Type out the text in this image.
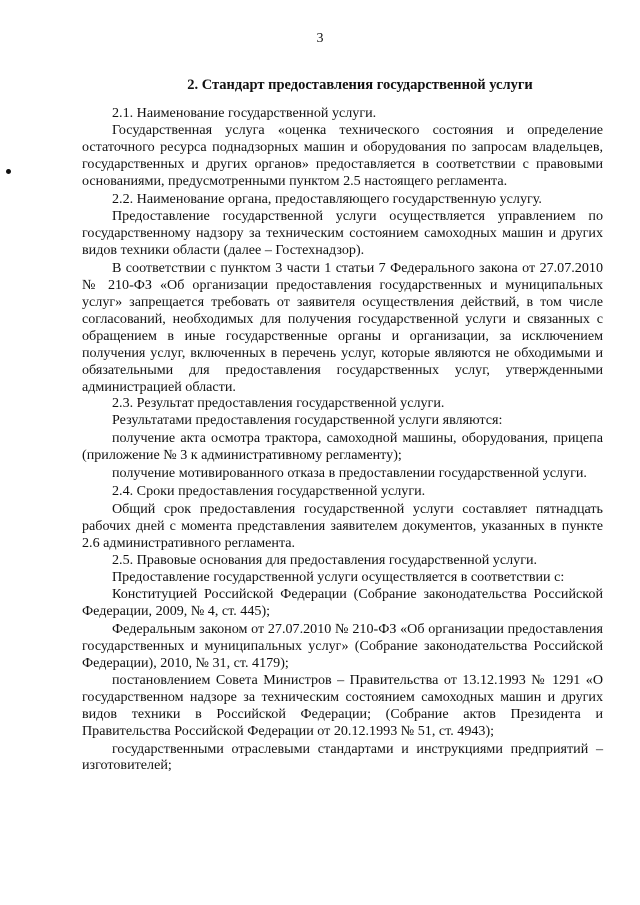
3
2. Стандарт предоставления государственной услуги

2.1. Наименование государственной услуги.

Государственная услуга «оценка технического состояния и определение остаточного ресурса поднадзорных машин и оборудования по запросам владельцев, государственных и других органов» предоставляется в соответствии с правовыми основаниями, предусмотренными пунктом 2.5 настоящего регламента.

2.2. Наименование органа, предоставляющего государственную услугу.

Предоставление государственной услуги осуществляется управлением по государственному надзору за техническим состоянием самоходных машин и других видов техники области (далее – Гостехнадзор).

В соответствии с пунктом 3 части 1 статьи 7 Федерального закона от 27.07.2010 № 210-ФЗ «Об организации предоставления государственных и муниципальных услуг» запрещается требовать от заявителя осуществления действий, в том числе согласований, необходимых для получения государственной услуги и связанных с обращением в иные государственные органы и организации, за исключением получения услуг, включенных в перечень услуг, которые являются не обходимыми и обязательными для предоставления государственных услуг, утвержденными администрацией области.

2.3. Результат предоставления государственной услуги.

Результатами предоставления государственной услуги являются:

получение акта осмотра трактора, самоходной машины, оборудования, прицепа (приложение № 3 к административному регламенту);

получение мотивированного отказа в предоставлении государственной услуги.

2.4. Сроки предоставления государственной услуги.

Общий срок предоставления государственной услуги составляет пятнадцать рабочих дней с момента представления заявителем документов, указанных в пункте 2.6 административного регламента.

2.5. Правовые основания для предоставления государственной услуги.

Предоставление государственной услуги осуществляется в соответствии с:

Конституцией Российской Федерации (Собрание законодательства Российской Федерации, 2009, № 4, ст. 445);

Федеральным законом от 27.07.2010 № 210-ФЗ «Об организации предоставления государственных и муниципальных услуг» (Собрание законодательства Российской Федерации), 2010, № 31, ст. 4179);

постановлением Совета Министров – Правительства от 13.12.1993 № 1291 «О государственном надзоре за техническим состоянием самоходных машин и других видов техники в Российской Федерации; (Собрание актов Президента и Правительства Российской Федерации от 20.12.1993 № 51, ст. 4943);

государственными отраслевыми стандартами и инструкциями предприятий – изготовителей;
